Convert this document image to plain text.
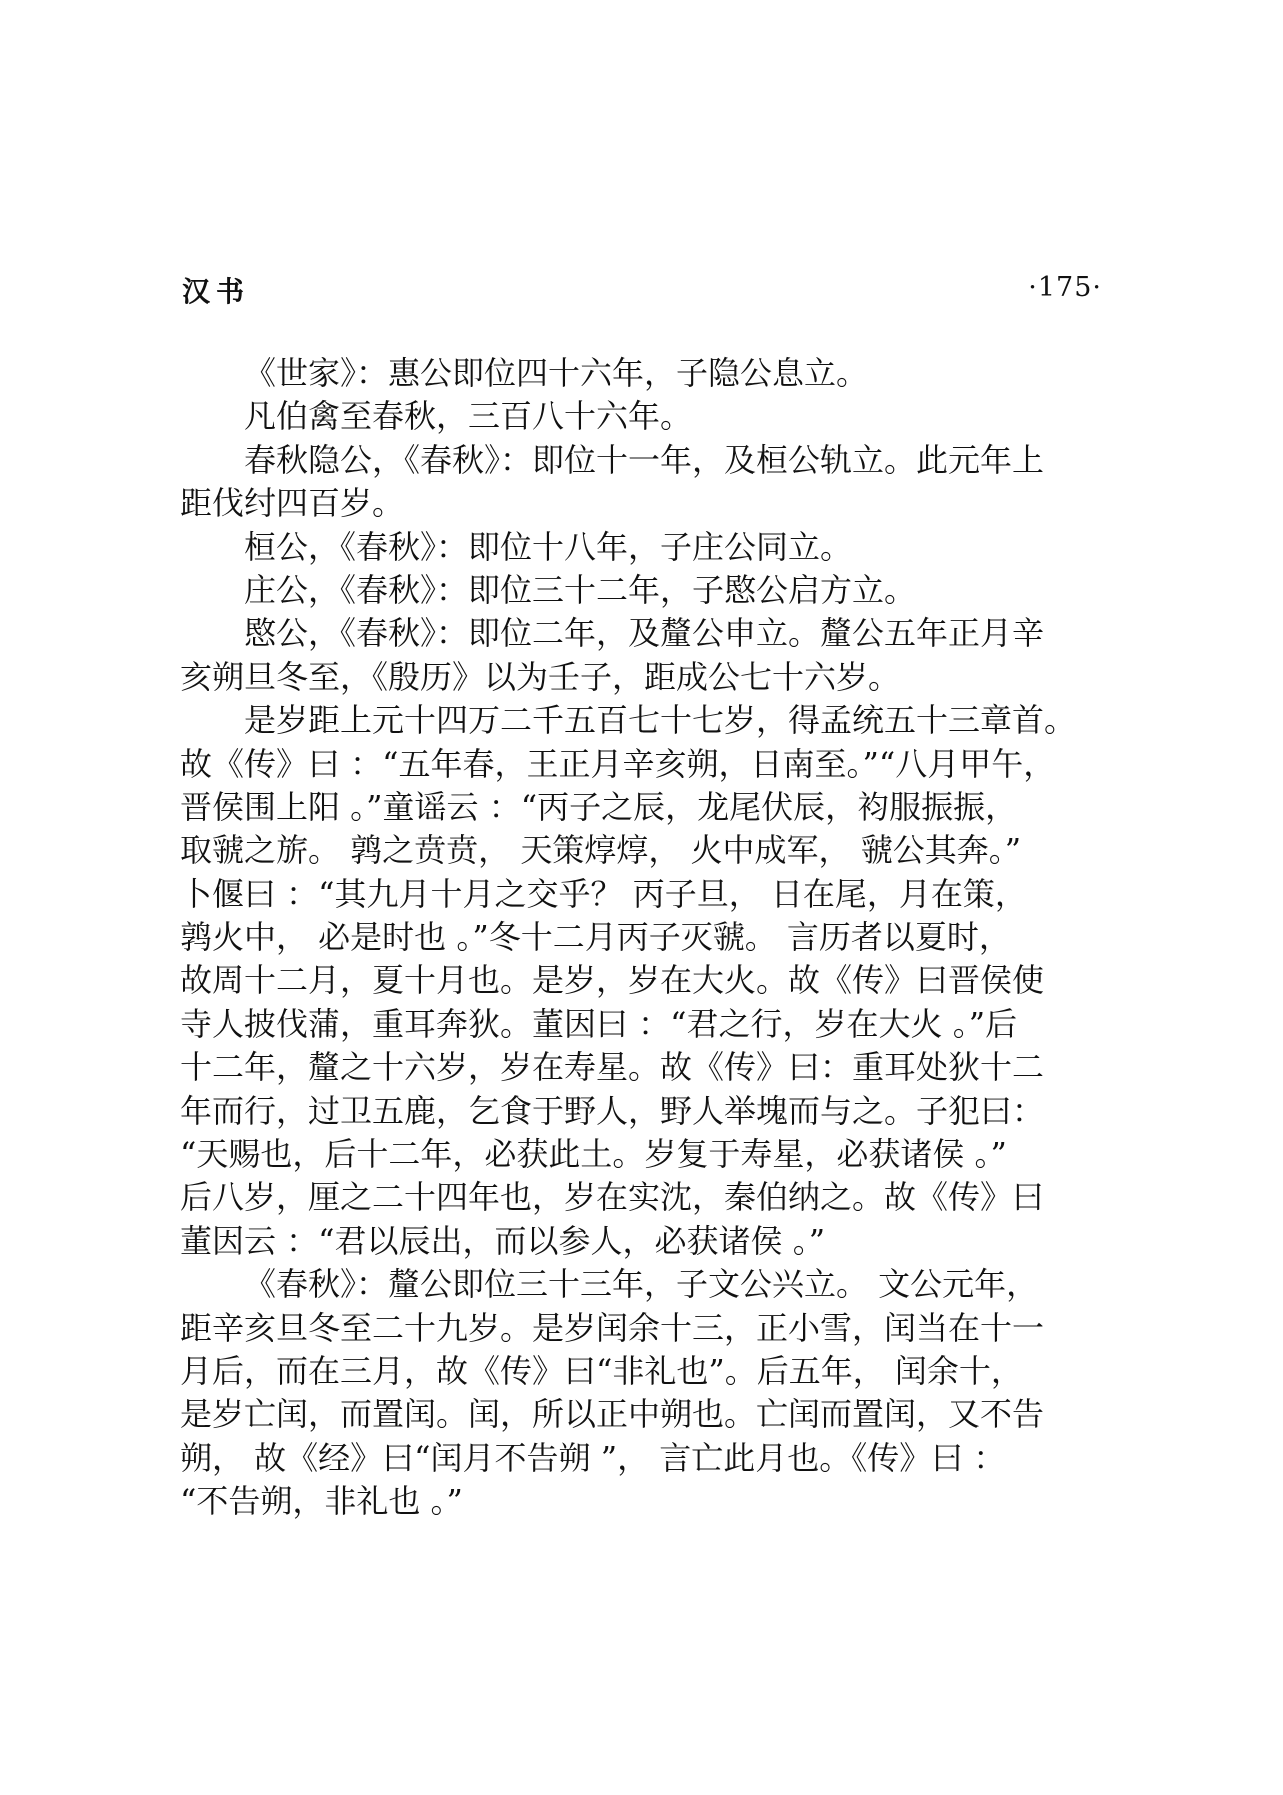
汉书	·175·
《世家》：惠公即位四十六年，子隐公息立。
凡伯禽至春秋，三百八十六年。
春秋隐公，《春秋》：即位十一年，及桓公轨立。此元年上
距伐纣四百岁。
桓公，《春秋》：即位十八年，子庄公同立。
庄公，《春秋》：即位三十二年，子愍公启方立。
愍公，《春秋》：即位二年，及釐公申立。釐公五年正月辛
亥朔旦冬至，《殷历》以为壬子，距成公七十六岁。
是岁距上元十四万二千五百七十七岁，得孟统五十三章首。
故《传》曰 ：“五年春，王正月辛亥朔，日南至。”“八月甲午，
晋侯围上阳 。”童谣云 ：“丙子之辰，龙尾伏辰，袀服振振，
取虢之旂。 鹑之贲贲， 天策焞焞， 火中成军， 虢公其奔。”
卜偃曰 ：“其九月十月之交乎？ 丙子旦， 日在尾，月在策，
鹑火中， 必是时也 。”冬十二月丙子灭虢。 言历者以夏时，
故周十二月，夏十月也。是岁，岁在大火。故《传》曰晋侯使
寺人披伐蒲，重耳奔狄。董因曰 ：“君之行，岁在大火 。”后
十二年，釐之十六岁，岁在寿星。故《传》曰：重耳处狄十二
年而行，过卫五鹿，乞食于野人，野人举塊而与之。子犯曰：
“天赐也，后十二年，必获此土。岁复于寿星，必获诸侯 。”
后八岁，厘之二十四年也，岁在实沈，秦伯纳之。故《传》曰
董因云 ：“君以辰出，而以参人，必获诸侯 。”
《春秋》：釐公即位三十三年，子文公兴立。 文公元年，
距辛亥旦冬至二十九岁。是岁闰余十三，正小雪，闰当在十一
月后，而在三月，故《传》曰“非礼也”。后五年， 闰余十，
是岁亡闰，而置闰。闰，所以正中朔也。亡闰而置闰，又不告
朔， 故《经》曰“闰月不告朔 ”， 言亡此月也。《传》曰 ：
“不告朔，非礼也 。”
